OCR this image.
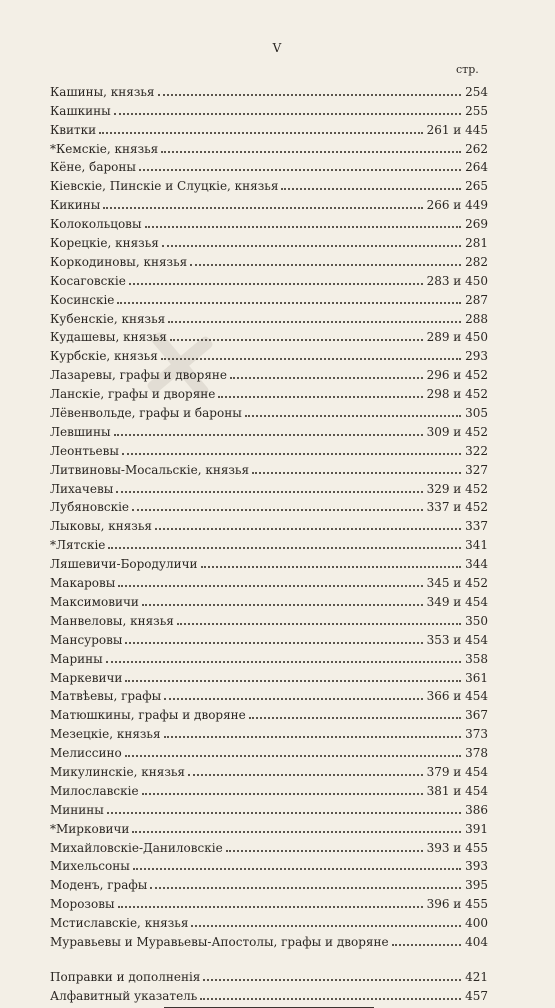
V
стр.
Кашины, князья	254
Кашкины	255
Квитки	261 и 445
*Кемскіе, князья	262
Кёне, бароны	264
Кіевскіе, Пинскіе и Слуцкіе, князья	265
Кикины	266 и 449
Колокольцовы	269
Корецкіе, князья	281
Коркодиновы, князья	282
Косаговскіе	283 и 450
Косинскіе	287
Кубенскіе, князья	288
Кудашевы, князья	289 и 450
Курбскіе, князья	293
Лазаревы, графы и дворяне	296 и 452
Ланскіе, графы и дворяне	298 и 452
Лёвенвольде, графы и бароны	305
Левшины	309 и 452
Леонтьевы	322
Литвиновы-Мосальскіе, князья	327
Лихачевы	329 и 452
Лубяновскіе	337 и 452
Лыковы, князья	337
*Лятскіе	341
Ляшевичи-Бородуличи	344
Макаровы	345 и 452
Максимовичи	349 и 454
Манвеловы, князья	350
Мансуровы	353 и 454
Марины	358
Маркевичи	361
Матвѣевы, графы	366 и 454
Матюшкины, графы и дворяне	367
Мезецкіе, князья	373
Мелиссино	378
Микулинскіе, князья	379 и 454
Милославскіе	381 и 454
Минины	386
*Мирковичи	391
Михайловскіе-Даниловскіе	393 и 455
Михельсоны	393
Моденъ, графы	395
Морозовы	396 и 455
Мстиславскіе, князья	400
Муравьевы и Муравьевы-Апостолы, графы и дворяне	404
Поправки и дополненія	421
Алфавитный указатель	457
